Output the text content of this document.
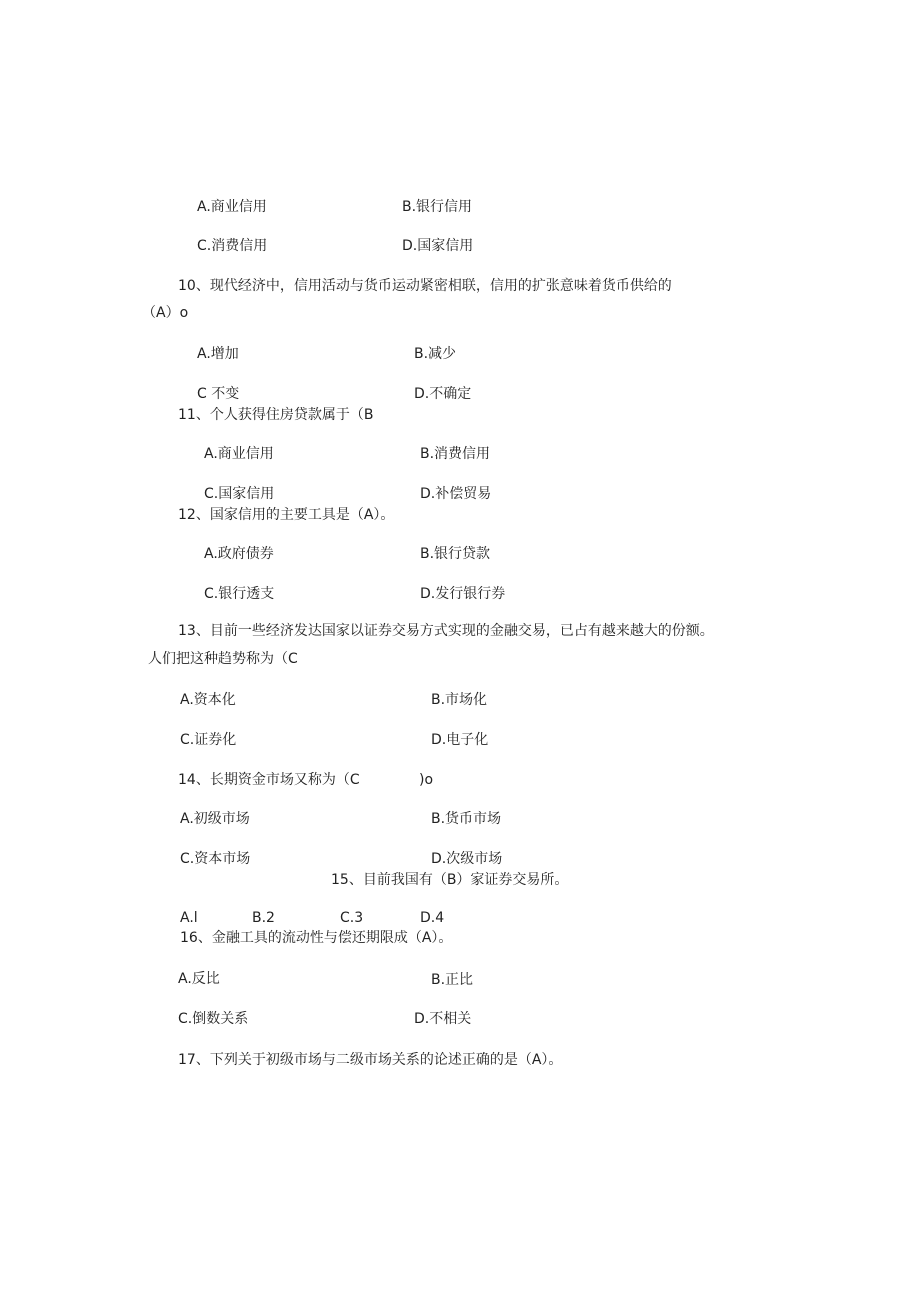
A.商业信用	B.银行信用
C.消费信用	D.国家信用
10、现代经济中，信用活动与货币运动紧密相联，信用的扩张意味着货币供给的
（A）o
A.增加	B.减少
C 不变	D.不确定
11、个人获得住房贷款属于（B
A.商业信用	B.消费信用
C.国家信用	D.补偿贸易
12、国家信用的主要工具是（A）。
A.政府债券	B.银行贷款
C.银行透支	D.发行银行券
13、目前一些经济发达国家以证券交易方式实现的金融交易，已占有越来越大的份额。
人们把这种趋势称为（C
A.资本化	B.市场化
C.证券化	D.电子化
14、长期资金市场又称为（C	)o
A.初级市场	B.货币市场
C.资本市场	D.次级市场
15、目前我国有（B）家证券交易所。
A.l	B.2	C.3	D.4
16、金融工具的流动性与偿还期限成（A）。
A.反比	B.正比
C.倒数关系	D.不相关
17、下列关于初级市场与二级市场关系的论述正确的是（A）。
